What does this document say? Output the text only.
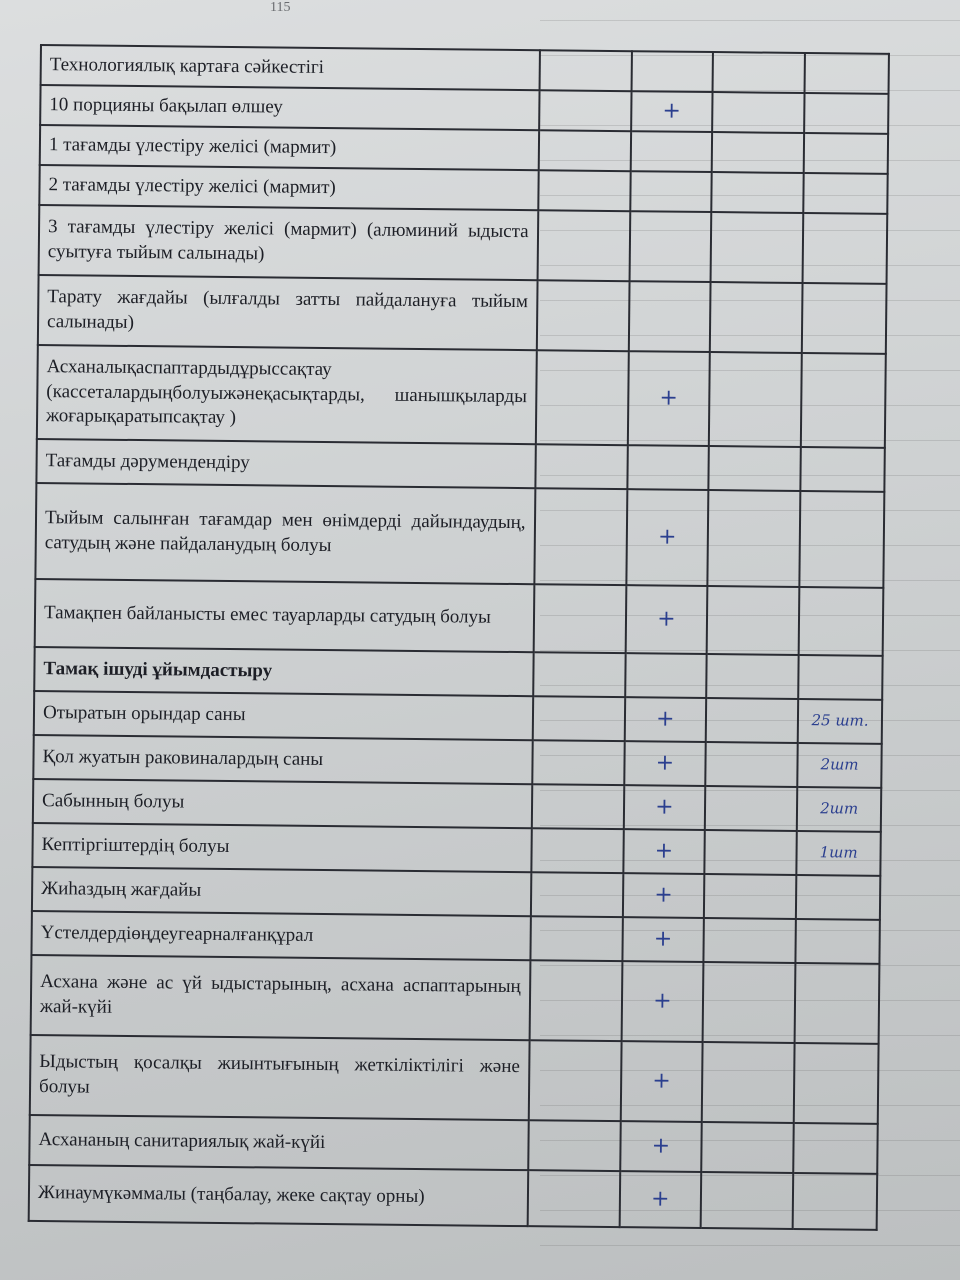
115
Технологиялық картаға сәйкестігі				
10 порцияны бақылап өлшеу		+		
1 тағамды үлестіру желісі (мармит)				
2 тағамды үлестіру желісі (мармит)				
3 тағамды үлестіру желісі (мармит) (алюминий ыдыста суытуға тыйым салынады)				
Тарату жағдайы (ылғалды затты пайдалануға тыйым салынады)				
Асханалықаспаптардыдұрыссақтау (кассеталардыңболуыжәнеқасықтарды, шанышқыларды жоғарықаратыпсақтау )		+		
Тағамды дәрумендендіру				
Тыйым салынған тағамдар мен өнімдерді дайындаудың, сатудың және пайдаланудың болуы		+		
Тамақпен байланысты емес тауарларды сатудың болуы		+		
Тамақ ішуді ұйымдастыру				
Отыратын орындар саны		+		25 шт.
Қол жуатын раковиналардың саны		+		2шт
Сабынның болуы		+		2шт
Кептіргіштердің болуы		+		1шт
Жиһаздың жағдайы		+		
Үстелдердіөңдеугеарналғанқұрал		+		
Асхана және ас үй ыдыстарының, асхана аспаптарының жай-күйі		+		
Ыдыстың қосалқы жиынтығының жеткіліктілігі және болуы		+		
Асхананың санитариялық жай-күйі		+		
Жинаумүкәммалы (таңбалау, жеке сақтау орны)		+		
